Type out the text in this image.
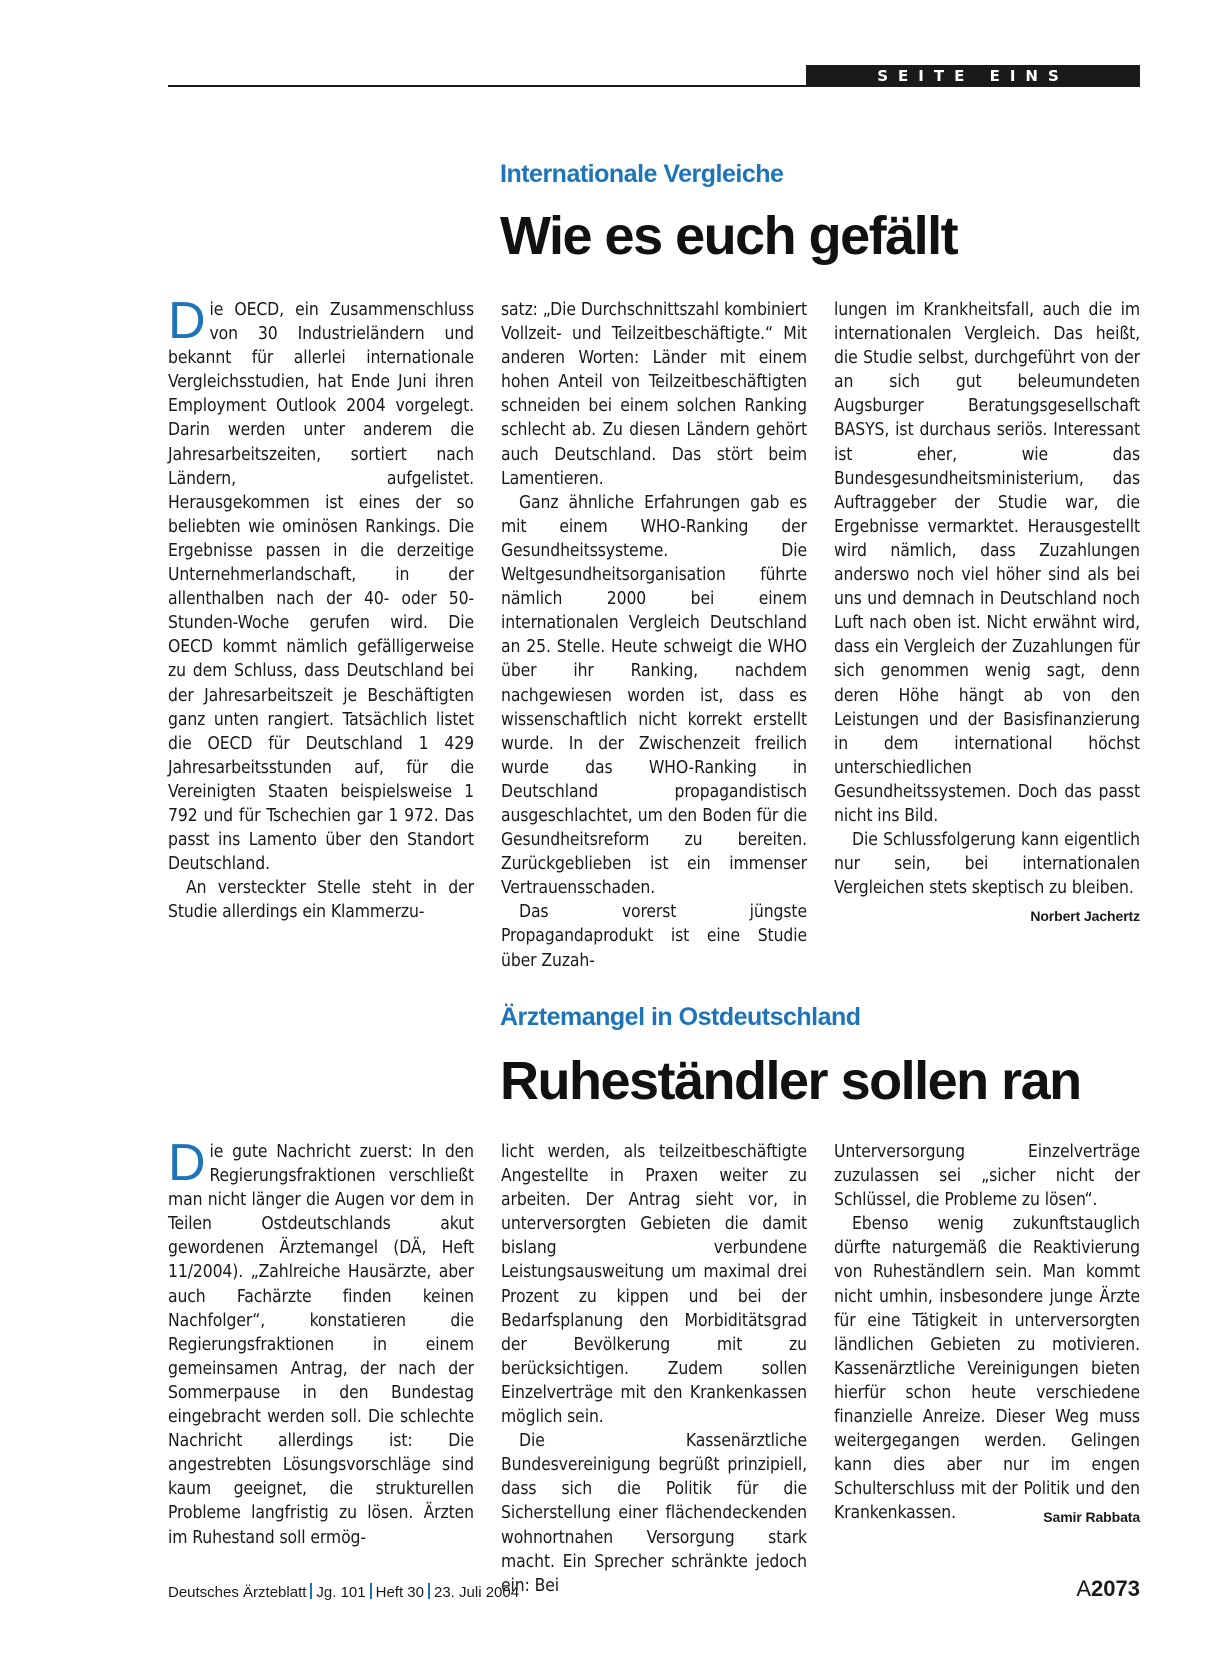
SEITE EINS
Internationale Vergleiche
Wie es euch gefällt

Die OECD, ein Zusammenschluss von 30 Industrieländern und bekannt für allerlei internationale Vergleichsstudien, hat Ende Juni ihren Employment Outlook 2004 vorgelegt. Darin werden unter anderem die Jahresarbeitszeiten, sortiert nach Ländern, aufgelistet. Herausgekommen ist eines der so beliebten wie ominösen Rankings. Die Ergebnisse passen in die derzeitige Unternehmerlandschaft, in der allenthalben nach der 40- oder 50-Stunden-Woche gerufen wird. Die OECD kommt nämlich gefälligerweise zu dem Schluss, dass Deutschland bei der Jahresarbeitszeit je Beschäftigten ganz unten rangiert. Tatsächlich listet die OECD für Deutschland 1 429 Jahresarbeitsstunden auf, für die Vereinigten Staaten beispielsweise 1 792 und für Tschechien gar 1 972. Das passt ins Lamento über den Standort Deutschland.

An versteckter Stelle steht in der Studie allerdings ein Klammerzu-

satz: „Die Durchschnittszahl kombiniert Vollzeit- und Teilzeitbeschäftigte.“ Mit anderen Worten: Länder mit einem hohen Anteil von Teilzeitbeschäftigten schneiden bei einem solchen Ranking schlecht ab. Zu diesen Ländern gehört auch Deutschland. Das stört beim Lamentieren.

Ganz ähnliche Erfahrungen gab es mit einem WHO-Ranking der Gesundheitssysteme. Die Weltgesundheitsorganisation führte nämlich 2000 bei einem internationalen Vergleich Deutschland an 25. Stelle. Heute schweigt die WHO über ihr Ranking, nachdem nachgewiesen worden ist, dass es wissenschaftlich nicht korrekt erstellt wurde. In der Zwischenzeit freilich wurde das WHO-Ranking in Deutschland propagandistisch ausgeschlachtet, um den Boden für die Gesundheitsreform zu bereiten. Zurückgeblieben ist ein immenser Vertrauensschaden.

Das vorerst jüngste Propagandaprodukt ist eine Studie über Zuzah-

lungen im Krankheitsfall, auch die im internationalen Vergleich. Das heißt, die Studie selbst, durchgeführt von der an sich gut beleumundeten Augsburger Beratungsgesellschaft BASYS, ist durchaus seriös. Interessant ist eher, wie das Bundesgesundheitsministerium, das Auftraggeber der Studie war, die Ergebnisse vermarktet. Herausgestellt wird nämlich, dass Zuzahlungen anderswo noch viel höher sind als bei uns und demnach in Deutschland noch Luft nach oben ist. Nicht erwähnt wird, dass ein Vergleich der Zuzahlungen für sich genommen wenig sagt, denn deren Höhe hängt ab von den Leistungen und der Basisfinanzierung in dem international höchst unterschiedlichen Gesundheitssystemen. Doch das passt nicht ins Bild.

Die Schlussfolgerung kann eigentlich nur sein, bei internationalen Vergleichen stets skeptisch zu bleiben.
Norbert Jachertz

Ärztemangel in Ostdeutschland
Ruheständler sollen ran

Die gute Nachricht zuerst: In den Regierungsfraktionen verschließt man nicht länger die Augen vor dem in Teilen Ostdeutschlands akut gewordenen Ärztemangel (DÄ, Heft 11/2004). „Zahlreiche Hausärzte, aber auch Fachärzte finden keinen Nachfolger“, konstatieren die Regierungsfraktionen in einem gemeinsamen Antrag, der nach der Sommerpause in den Bundestag eingebracht werden soll. Die schlechte Nachricht allerdings ist: Die angestrebten Lösungsvorschläge sind kaum geeignet, die strukturellen Probleme langfristig zu lösen. Ärzten im Ruhestand soll ermög-

licht werden, als teilzeitbeschäftigte Angestellte in Praxen weiter zu arbeiten. Der Antrag sieht vor, in unterversorgten Gebieten die damit bislang verbundene Leistungsausweitung um maximal drei Prozent zu kippen und bei der Bedarfsplanung den Morbiditätsgrad der Bevölkerung mit zu berücksichtigen. Zudem sollen Einzelverträge mit den Krankenkassen möglich sein.

Die Kassenärztliche Bundesvereinigung begrüßt prinzipiell, dass sich die Politik für die Sicherstellung einer flächendeckenden wohnortnahen Versorgung stark macht. Ein Sprecher schränkte jedoch ein: Bei

Unterversorgung Einzelverträge zuzulassen sei „sicher nicht der Schlüssel, die Probleme zu lösen“.

Ebenso wenig zukunftstauglich dürfte naturgemäß die Reaktivierung von Ruheständlern sein. Man kommt nicht umhin, insbesondere junge Ärzte für eine Tätigkeit in unterversorgten ländlichen Gebieten zu motivieren. Kassenärztliche Vereinigungen bieten hierfür schon heute verschiedene finanzielle Anreize. Dieser Weg muss weitergegangen werden. Gelingen kann dies aber nur im engen Schulterschluss mit der Politik und den Krankenkassen.	Samir Rabbata

Deutsches Ärzteblatt Jg. 101 Heft 30 23. Juli 2004	A2073
